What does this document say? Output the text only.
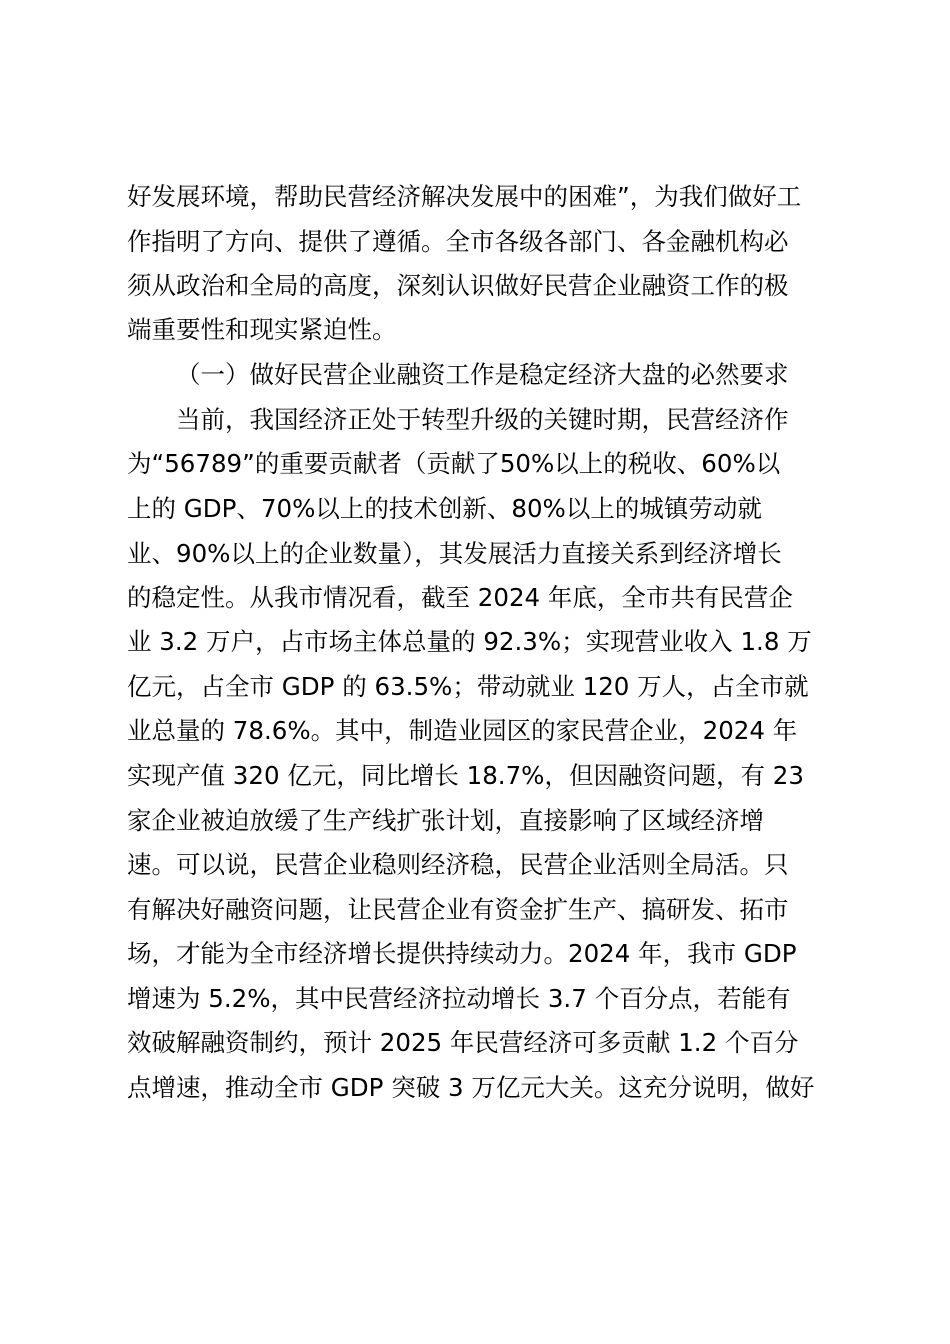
好发展环境，帮助民营经济解决发展中的困难”，为我们做好工
作指明了方向、提供了遵循。全市各级各部门、各金融机构必
须从政治和全局的高度，深刻认识做好民营企业融资工作的极
端重要性和现实紧迫性。
（一）做好民营企业融资工作是稳定经济大盘的必然要求
当前，我国经济正处于转型升级的关键时期，民营经济作
为“56789”的重要贡献者（贡献了50%以上的税收、60%以
上的 GDP、70%以上的技术创新、80%以上的城镇劳动就
业、90%以上的企业数量），其发展活力直接关系到经济增长
的稳定性。从我市情况看，截至 2024 年底，全市共有民营企
业 3.2 万户，占市场主体总量的 92.3%；实现营业收入 1.8 万
亿元，占全市 GDP 的 63.5%；带动就业 120 万人，占全市就
业总量的 78.6%。其中，制造业园区的家民营企业，2024 年
实现产值 320 亿元，同比增长 18.7%，但因融资问题，有 23
家企业被迫放缓了生产线扩张计划，直接影响了区域经济增
速。可以说，民营企业稳则经济稳，民营企业活则全局活。只
有解决好融资问题，让民营企业有资金扩生产、搞研发、拓市
场，才能为全市经济增长提供持续动力。2024 年，我市 GDP
增速为 5.2%，其中民营经济拉动增长 3.7 个百分点，若能有
效破解融资制约，预计 2025 年民营经济可多贡献 1.2 个百分
点增速，推动全市 GDP 突破 3 万亿元大关。这充分说明，做好
